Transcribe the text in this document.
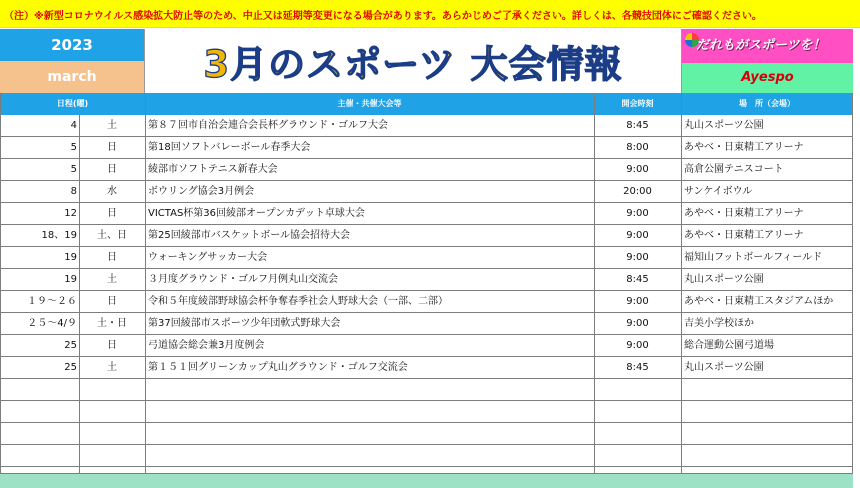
（注）※新型コロナウイルス感染拡大防止等のため、中止又は延期等変更になる場合があります。あらかじめご了承ください。詳しくは、各競技団体にご確認ください。
2023
march	3月のスポーツ 大会情報	だれもがスポーツを！
Ayespo
日程(曜)	主催・共催大会等	開会時刻	場　所（会場）
4	土	第８７回市自治会連合会長杯グラウンド・ゴルフ大会	8:45	丸山スポーツ公園
5	日	第18回ソフトバレーボール春季大会	8:00	あやべ・日東精工アリーナ
5	日	綾部市ソフトテニス新春大会	9:00	高倉公園テニスコート
8	水	ボウリング協会3月例会	20:00	サンケイボウル
12	日	VICTAS杯第36回綾部オープンカデット卓球大会	9:00	あやべ・日東精工アリーナ
18、19	土、日	第25回綾部市バスケットボール協会招待大会	9:00	あやべ・日東精工アリーナ
19	日	ウォーキングサッカー大会	9:00	福知山フットボールフィールド
19	土	３月度グラウンド・ゴルフ月例丸山交流会	8:45	丸山スポーツ公園
１９～２６	日	令和５年度綾部野球協会杯争奪春季社会人野球大会（一部、二部）	9:00	あやべ・日東精工スタジアムほか
２５～4/９	土・日	第37回綾部市スポーツ少年団軟式野球大会	9:00	吉美小学校ほか
25	日	弓道協会総会兼3月度例会	9:00	総合運動公園弓道場
25	土	第１５１回グリーンカップ丸山グラウンド・ゴルフ交流会	8:45	丸山スポーツ公園
